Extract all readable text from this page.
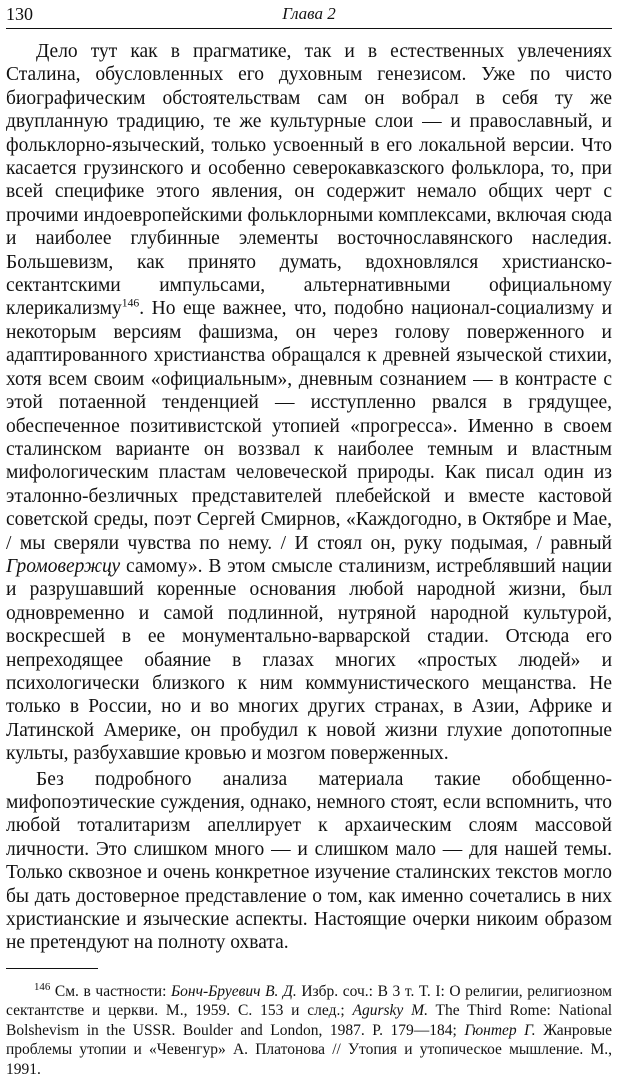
Глава 2
130

Дело тут как в прагматике, так и в естественных увлечениях Сталина, обусловленных его духовным генезисом. Уже по чисто биографическим обстоятельствам сам он вобрал в себя ту же двупланную традицию, те же культурные слои — и православный, и фольклорно-языческий, только усвоенный в его локальной версии. Что касается грузинского и особенно северокавказского фольклора, то, при всей специфике этого явления, он содержит немало общих черт с прочими индоевропейскими фольклорными комплексами, включая сюда и наиболее глубинные элементы восточнославянского наследия. Большевизм, как принято думать, вдохновлялся христианско-сектантскими импульсами, альтернативными официальному клерикализму$^{146}$. Но еще важнее, что, подобно национал-социализму и некоторым версиям фашизма, он через голову поверженного и адаптированного христианства обращался к древней языческой стихии, хотя всем своим «официальным», дневным сознанием — в контрасте с этой потаенной тенденцией — исступленно рвался в грядущее, обеспеченное позитивистской утопией «прогресса». Именно в своем сталинском варианте он воззвал к наиболее темным и властным мифологическим пластам человеческой природы. Как писал один из эталонно-безличных представителей плебейской и вместе кастовой советской среды, поэт Сергей Смирнов, «Каждогодно, в Октябре и Мае, / мы сверяли чувства по нему. / И стоял он, руку подымая, / равный Громовержцу самому». В этом смысле сталинизм, истреблявший нации и разрушавший коренные основания любой народной жизни, был одновременно и самой подлинной, нутряной народной культурой, воскресшей в ее монументально-варварской стадии. Отсюда его непреходящее обаяние в глазах многих «простых людей» и психологически близкого к ним коммунистического мещанства. Не только в России, но и во многих других странах, в Азии, Африке и Латинской Америке, он пробудил к новой жизни глухие допотопные культы, разбухавшие кровью и мозгом поверженных.

Без подробного анализа материала такие обобщенно-мифопоэтические суждения, однако, немного стоят, если вспомнить, что любой тоталитаризм апеллирует к архаическим слоям массовой личности. Это слишком много — и слишком мало — для нашей темы. Только сквозное и очень конкретное изучение сталинских текстов могло бы дать достоверное представление о том, как именно сочетались в них христианские и языческие аспекты. Настоящие очерки никоим образом не претендуют на полноту охвата.

$^{146}$ См. в частности: Бонч-Бруевич В. Д. Избр. соч.: В 3 т. Т. I: О религии, религиозном сектантстве и церкви. М., 1959. С. 153 и след.; Agursky M. The Third Rome: National Bolshevism in the USSR. Boulder and London, 1987. P. 179—184; Гюнтер Г. Жанровые проблемы утопии и «Чевенгур» А. Платонова // Утопия и утопическое мышление. М., 1991.
